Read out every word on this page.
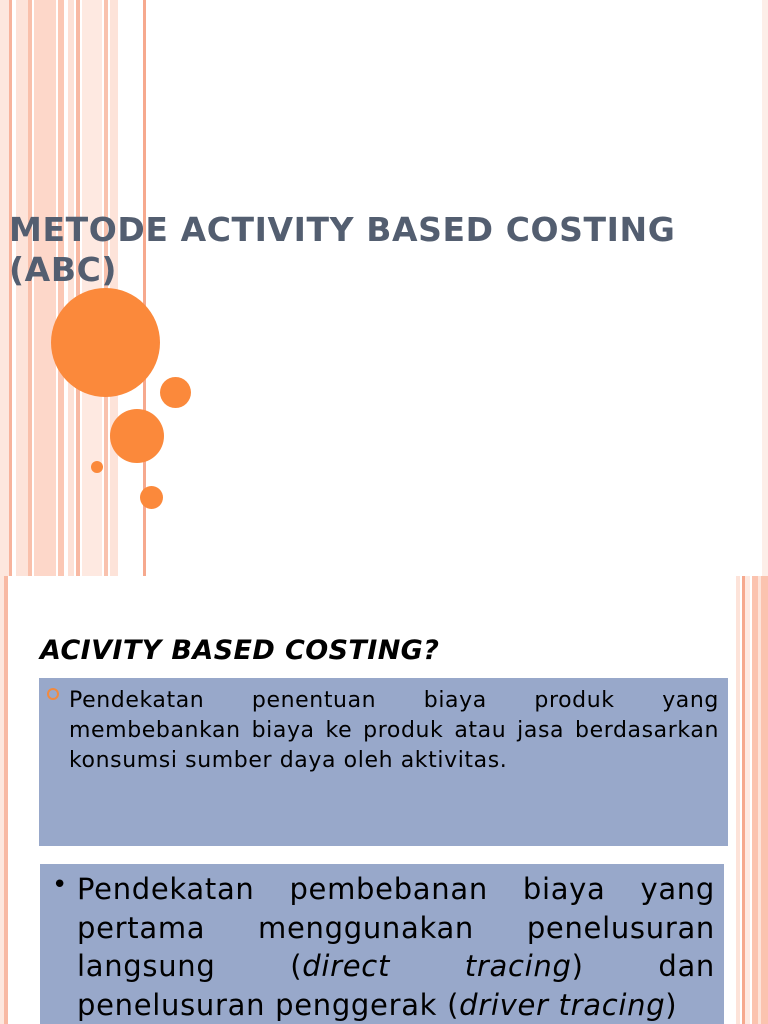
METODE ACTIVITY BASED COSTING (ABC)
ACIVITY BASED COSTING?

Pendekatan penentuan biaya produk yang membebankan biaya ke produk atau jasa berdasarkan konsumsi sumber daya oleh aktivitas.

• Pendekatan pembebanan biaya yang pertama menggunakan penelusuran langsung (direct tracing) dan penelusuran penggerak (driver tracing)
